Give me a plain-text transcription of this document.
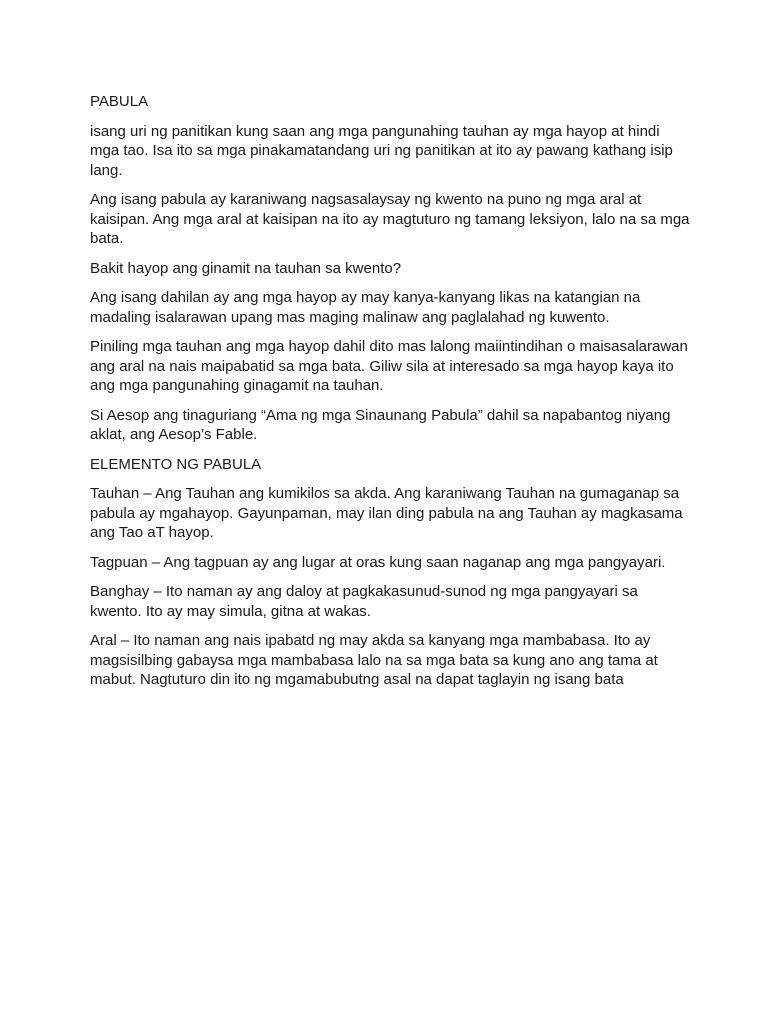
PABULA

isang uri ng panitikan kung saan ang mga pangunahing tauhan ay mga hayop at hindi mga tao. Isa ito sa mga pinakamatandang uri ng panitikan at ito ay pawang kathang isip lang.

Ang isang pabula ay karaniwang nagsasalaysay ng kwento na puno ng mga aral at kaisipan. Ang mga aral at kaisipan na ito ay magtuturo ng tamang leksiyon, lalo na sa mga bata.

Bakit hayop ang ginamit na tauhan sa kwento?

Ang isang dahilan ay ang mga hayop ay may kanya-kanyang likas na katangian na madaling isalarawan upang mas maging malinaw ang paglalahad ng kuwento.

Piniling mga tauhan ang mga hayop dahil dito mas lalong maiintindihan o maisasalarawan ang aral na nais maipabatid sa mga bata. Giliw sila at interesado sa mga hayop kaya ito ang mga pangunahing ginagamit na tauhan.

Si Aesop ang tinaguriang “Ama ng mga Sinaunang Pabula” dahil sa napabantog niyang aklat, ang Aesop’s Fable.

ELEMENTO NG PABULA

Tauhan – Ang Tauhan ang kumikilos sa akda. Ang karaniwang Tauhan na gumaganap sa pabula ay mgahayop. Gayunpaman, may ilan ding pabula na ang Tauhan ay magkasama ang Tao aT hayop.

Tagpuan – Ang tagpuan ay ang lugar at oras kung saan naganap ang mga pangyayari.

Banghay – Ito naman ay ang daloy at pagkakasunud-sunod ng mga pangyayari sa kwento. Ito ay may simula, gitna at wakas.

Aral – Ito naman ang nais ipabatd ng may akda sa kanyang mga mambabasa. Ito ay magsisilbing gabaysa mga mambabasa lalo na sa mga bata sa kung ano ang tama at mabut. Nagtuturo din ito ng mgamabubutng asal na dapat taglayin ng isang bata
